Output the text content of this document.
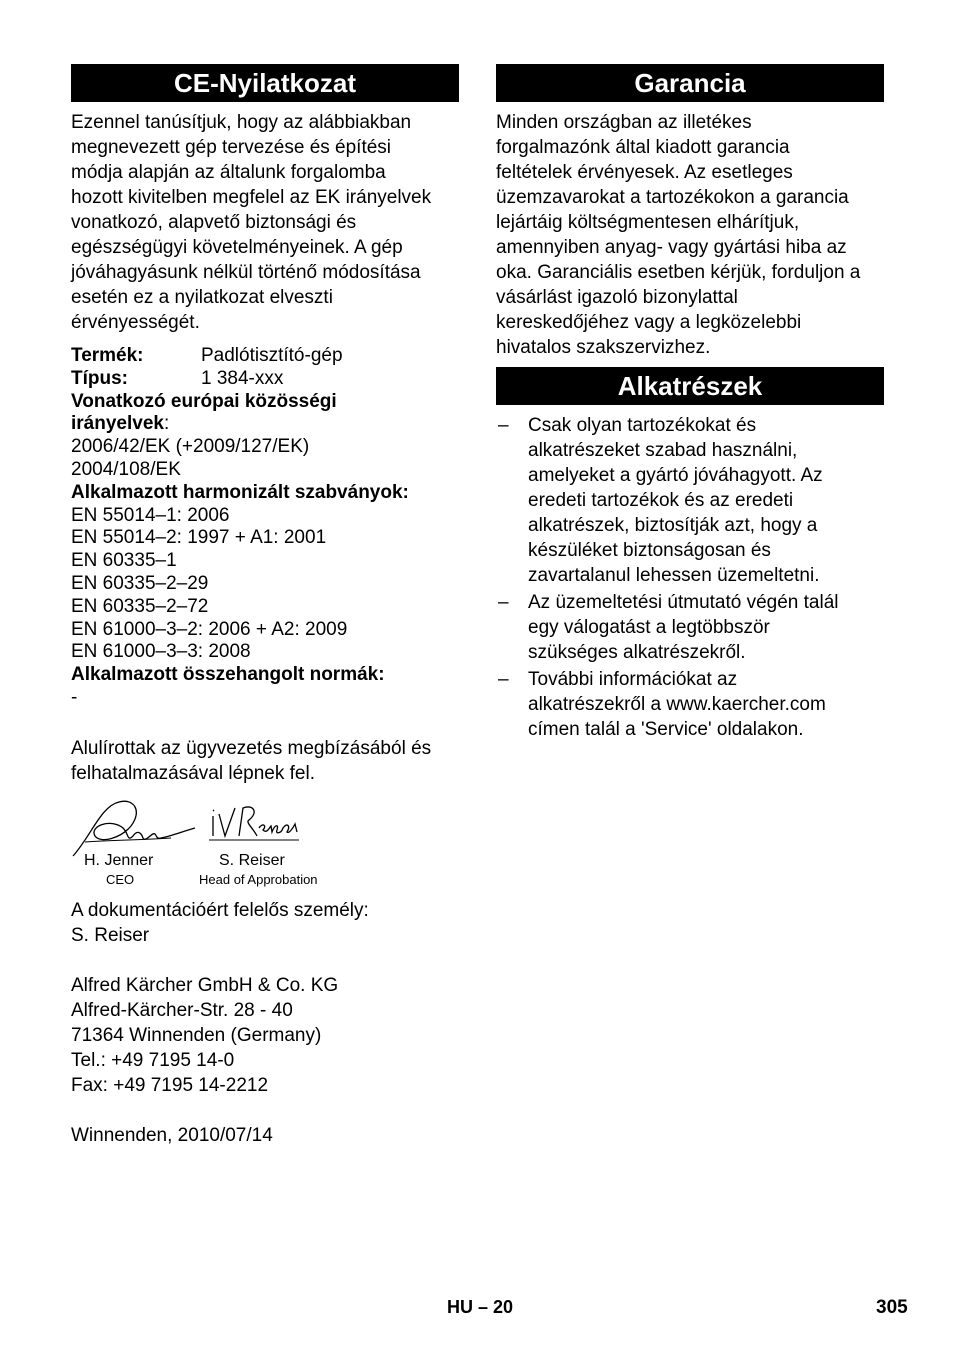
CE-Nyilatkozat
Ezennel tanúsítjuk, hogy az alábbiakban
megnevezett gép tervezése és építési
módja alapján az általunk forgalomba
hozott kivitelben megfelel az EK irányelvek
vonatkozó, alapvető biztonsági és
egészségügyi követelményeinek. A gép
jóváhagyásunk nélkül történő módosítása
esetén ez a nyilatkozat elveszti
érvényességét.
Termék:	Padlótisztító-gép
Típus:	1 384-xxx
Vonatkozó európai közösségi
irányelvek:
2006/42/EK (+2009/127/EK)
2004/108/EK
Alkalmazott harmonizált szabványok:
EN 55014–1: 2006
EN 55014–2: 1997 + A1: 2001
EN 60335–1
EN 60335–2–29
EN 60335–2–72
EN 61000–3–2: 2006 + A2: 2009
EN 61000–3–3: 2008
Alkalmazott összehangolt normák:
-
Alulírottak az ügyvezetés megbízásából és
felhatalmazásával lépnek fel.
H. Jenner
CEO
S. Reiser
Head of Approbation
A dokumentációért felelős személy:
S. Reiser
Alfred Kärcher GmbH & Co. KG
Alfred-Kärcher-Str. 28 - 40
71364 Winnenden (Germany)
Tel.: +49 7195 14-0
Fax: +49 7195 14-2212
Winnenden, 2010/07/14
Garancia
Minden országban az illetékes
forgalmazónk által kiadott garancia
feltételek érvényesek. Az esetleges
üzemzavarokat a tartozékokon a garancia
lejártáig költségmentesen elhárítjuk,
amennyiben anyag- vagy gyártási hiba az
oka. Garanciális esetben kérjük, forduljon a
vásárlást igazoló bizonylattal
kereskedőjéhez vagy a legközelebbi
hivatalos szakszervizhez.
Alkatrészek
– Csak olyan tartozékokat és
alkatrészeket szabad használni,
amelyeket a gyártó jóváhagyott. Az
eredeti tartozékok és az eredeti
alkatrészek, biztosítják azt, hogy a
készüléket biztonságosan és
zavartalanul lehessen üzemeltetni.
– Az üzemeltetési útmutató végén talál
egy válogatást a legtöbbször
szükséges alkatrészekről.
– További információkat az
alkatrészekről a www.kaercher.com
címen talál a 'Service' oldalakon.
HU – 20	305
